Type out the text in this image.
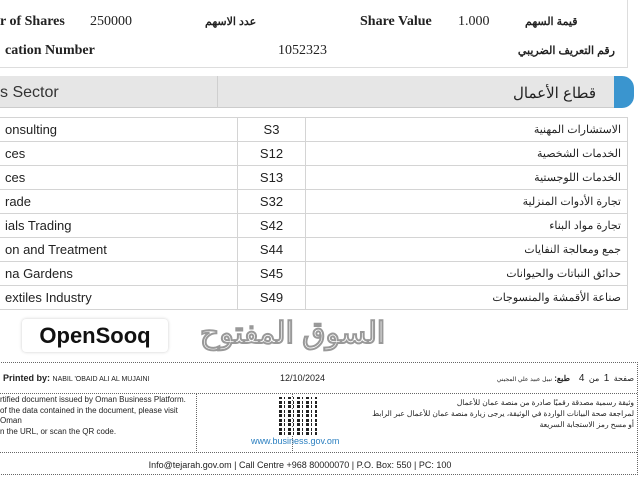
r of Shares 250000	عدد الاسهم	Share Value 1.000	قيمة السهم
cation Number	1052323	رقم التعريف الضريبي
s Sector	قطاع الأعمال
onsulting	S3	الاستشارات المهنية
ces	S12	الخدمات الشخصية
ces	S13	الخدمات اللوجستية
rade	S32	تجارة الأدوات المنزلية
ials Trading	S42	تجارة مواد البناء
on and Treatment	S44	جمع ومعالجة النفايات
na Gardens	S45	حدائق النباتات والحيوانات
extiles Industry	S49	صناعة الأقمشة والمنسوجات
السوق المفتوح
OpenSooq
Printed by: NABIL 'OBAID ALI AL MUJAINI	12/10/2024	صفحة  1  من  4    طبع: نبيل عبيد علي المجيني
rtified document issued by Oman Business Platform.
of the data contained in the document, please visit Oman
n the URL, or scan the QR code.
www.business.gov.om
وثيقة رسمية مصدقة رقميًا صادرة من منصة عمان للأعمال
لمراجعة صحة البيانات الواردة في الوثيقة، يرجى زيارة منصة عمان للأعمال عبر الرابط
أو مسح رمز الاستجابة السريعة
Info@tejarah.gov.om | Call Centre +968 80000070 | P.O. Box: 550 | PC: 100
